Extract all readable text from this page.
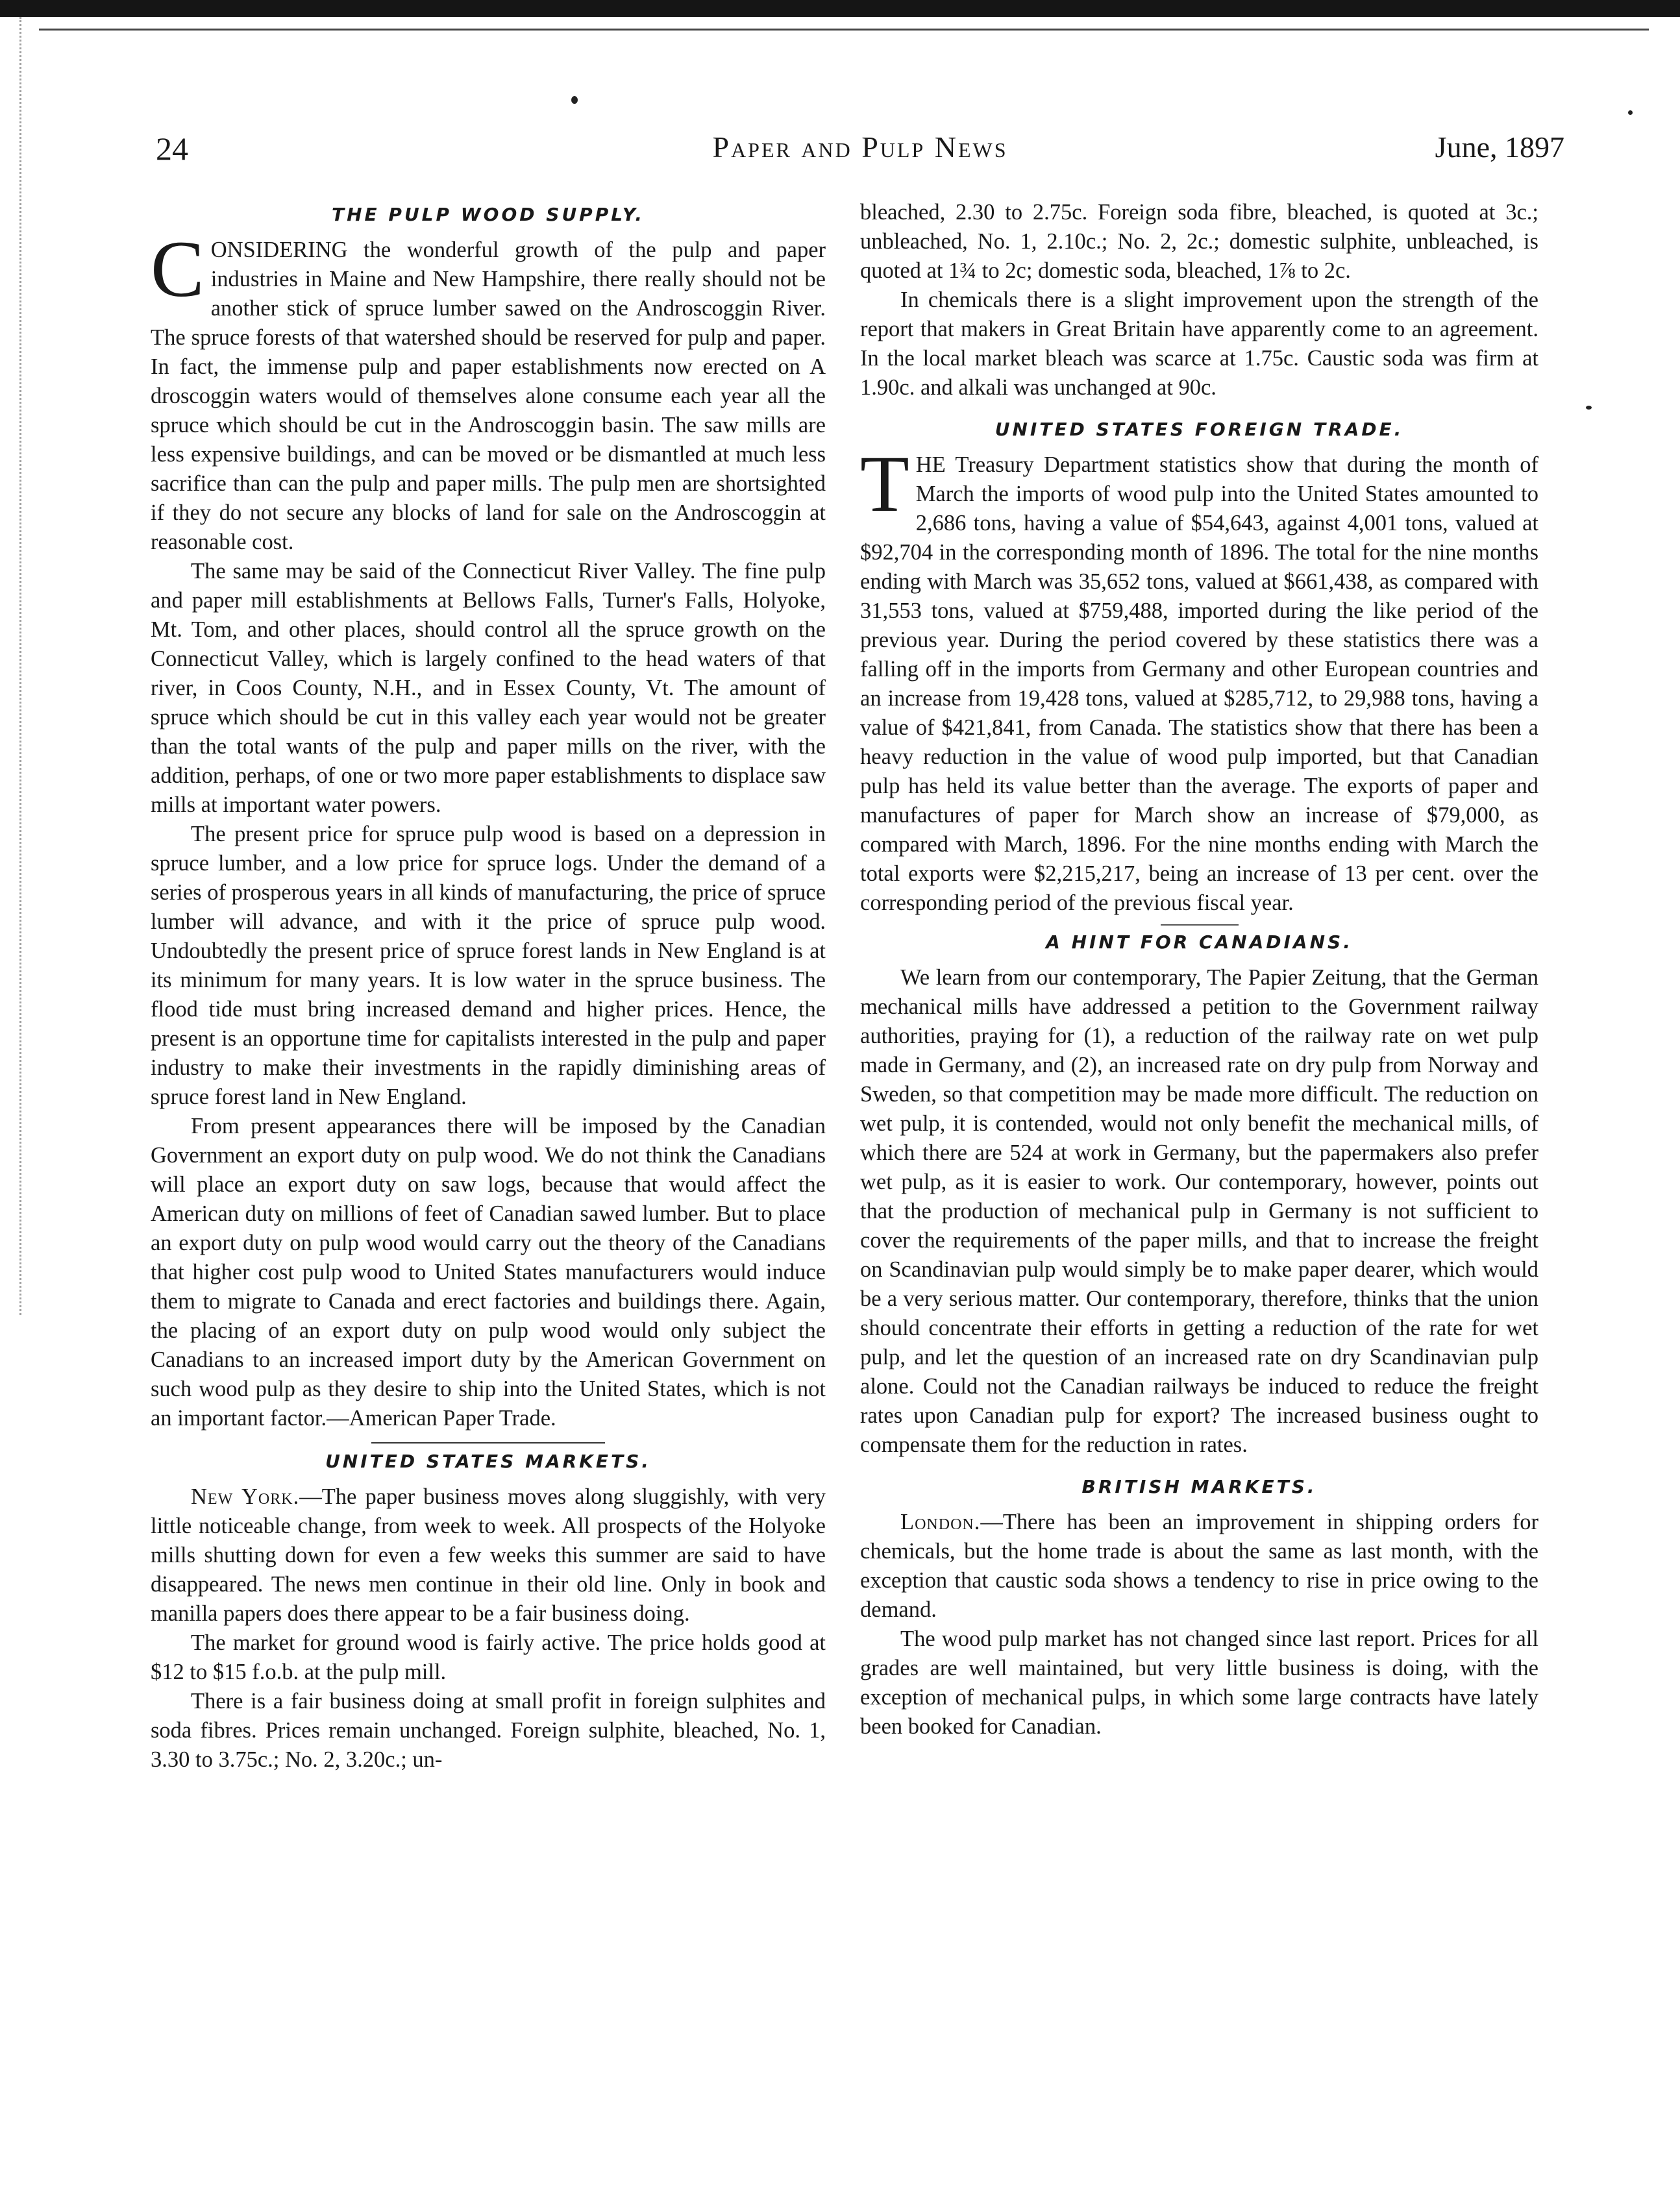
24	Paper and Pulp News	June, 1897
THE PULP WOOD SUPPLY.

CONSIDERING the wonderful growth of the pulp and paper industries in Maine and New Hampshire, there really should not be another stick of spruce lumber sawed on the Androscoggin River. The spruce forests of that watershed should be reserved for pulp and paper. In fact, the immense pulp and paper establishments now erected on A droscoggin waters would of themselves alone consume each year all the spruce which should be cut in the Androscoggin basin. The saw mills are less expensive buildings, and can be moved or be dismantled at much less sacrifice than can the pulp and paper mills. The pulp men are shortsighted if they do not secure any blocks of land for sale on the Androscoggin at reasonable cost.

The same may be said of the Connecticut River Valley. The fine pulp and paper mill establishments at Bellows Falls, Turner's Falls, Holyoke, Mt. Tom, and other places, should control all the spruce growth on the Connecticut Valley, which is largely confined to the head waters of that river, in Coos County, N.H., and in Essex County, Vt. The amount of spruce which should be cut in this valley each year would not be greater than the total wants of the pulp and paper mills on the river, with the addition, perhaps, of one or two more paper establishments to displace saw mills at important water powers.

The present price for spruce pulp wood is based on a depression in spruce lumber, and a low price for spruce logs. Under the demand of a series of prosperous years in all kinds of manufacturing, the price of spruce lumber will advance, and with it the price of spruce pulp wood. Undoubtedly the present price of spruce forest lands in New England is at its minimum for many years. It is low water in the spruce business. The flood tide must bring increased demand and higher prices. Hence, the present is an opportune time for capitalists interested in the pulp and paper industry to make their investments in the rapidly diminishing areas of spruce forest land in New England.

From present appearances there will be imposed by the Canadian Government an export duty on pulp wood. We do not think the Canadians will place an export duty on saw logs, because that would affect the American duty on millions of feet of Canadian sawed lumber. But to place an export duty on pulp wood would carry out the theory of the Canadians that higher cost pulp wood to United States manufacturers would induce them to migrate to Canada and erect factories and buildings there. Again, the placing of an export duty on pulp wood would only subject the Canadians to an increased import duty by the American Government on such wood pulp as they desire to ship into the United States, which is not an important factor.—American Paper Trade.

UNITED STATES MARKETS.

New York.—The paper business moves along sluggishly, with very little noticeable change, from week to week. All prospects of the Holyoke mills shutting down for even a few weeks this summer are said to have disappeared. The news men continue in their old line. Only in book and manilla papers does there appear to be a fair business doing.

The market for ground wood is fairly active. The price holds good at $12 to $15 f.o.b. at the pulp mill.

There is a fair business doing at small profit in foreign sulphites and soda fibres. Prices remain unchanged. Foreign sulphite, bleached, No. 1, 3.30 to 3.75c.; No. 2, 3.20c.; un-

bleached, 2.30 to 2.75c. Foreign soda fibre, bleached, is quoted at 3c.; unbleached, No. 1, 2.10c.; No. 2, 2c.; domestic sulphite, unbleached, is quoted at 1¾ to 2c; domestic soda, bleached, 1⅞ to 2c.

In chemicals there is a slight improvement upon the strength of the report that makers in Great Britain have apparently come to an agreement. In the local market bleach was scarce at 1.75c. Caustic soda was firm at 1.90c. and alkali was unchanged at 90c.

UNITED STATES FOREIGN TRADE.

THE Treasury Department statistics show that during the month of March the imports of wood pulp into the United States amounted to 2,686 tons, having a value of $54,643, against 4,001 tons, valued at $92,704 in the corresponding month of 1896. The total for the nine months ending with March was 35,652 tons, valued at $661,438, as compared with 31,553 tons, valued at $759,488, imported during the like period of the previous year. During the period covered by these statistics there was a falling off in the imports from Germany and other European countries and an increase from 19,428 tons, valued at $285,712, to 29,988 tons, having a value of $421,841, from Canada. The statistics show that there has been a heavy reduction in the value of wood pulp imported, but that Canadian pulp has held its value better than the average. The exports of paper and manufactures of paper for March show an increase of $79,000, as compared with March, 1896. For the nine months ending with March the total exports were $2,215,217, being an increase of 13 per cent. over the corresponding period of the previous fiscal year.

A HINT FOR CANADIANS.

We learn from our contemporary, The Papier Zeitung, that the German mechanical mills have addressed a petition to the Government railway authorities, praying for (1), a reduction of the railway rate on wet pulp made in Germany, and (2), an increased rate on dry pulp from Norway and Sweden, so that competition may be made more difficult. The reduction on wet pulp, it is contended, would not only benefit the mechanical mills, of which there are 524 at work in Germany, but the papermakers also prefer wet pulp, as it is easier to work. Our contemporary, however, points out that the production of mechanical pulp in Germany is not sufficient to cover the requirements of the paper mills, and that to increase the freight on Scandinavian pulp would simply be to make paper dearer, which would be a very serious matter. Our contemporary, therefore, thinks that the union should concentrate their efforts in getting a reduction of the rate for wet pulp, and let the question of an increased rate on dry Scandinavian pulp alone. Could not the Canadian railways be induced to reduce the freight rates upon Canadian pulp for export? The increased business ought to compensate them for the reduction in rates.

BRITISH MARKETS.

London.—There has been an improvement in shipping orders for chemicals, but the home trade is about the same as last month, with the exception that caustic soda shows a tendency to rise in price owing to the demand.

The wood pulp market has not changed since last report. Prices for all grades are well maintained, but very little business is doing, with the exception of mechanical pulps, in which some large contracts have lately been booked for Canadian.
